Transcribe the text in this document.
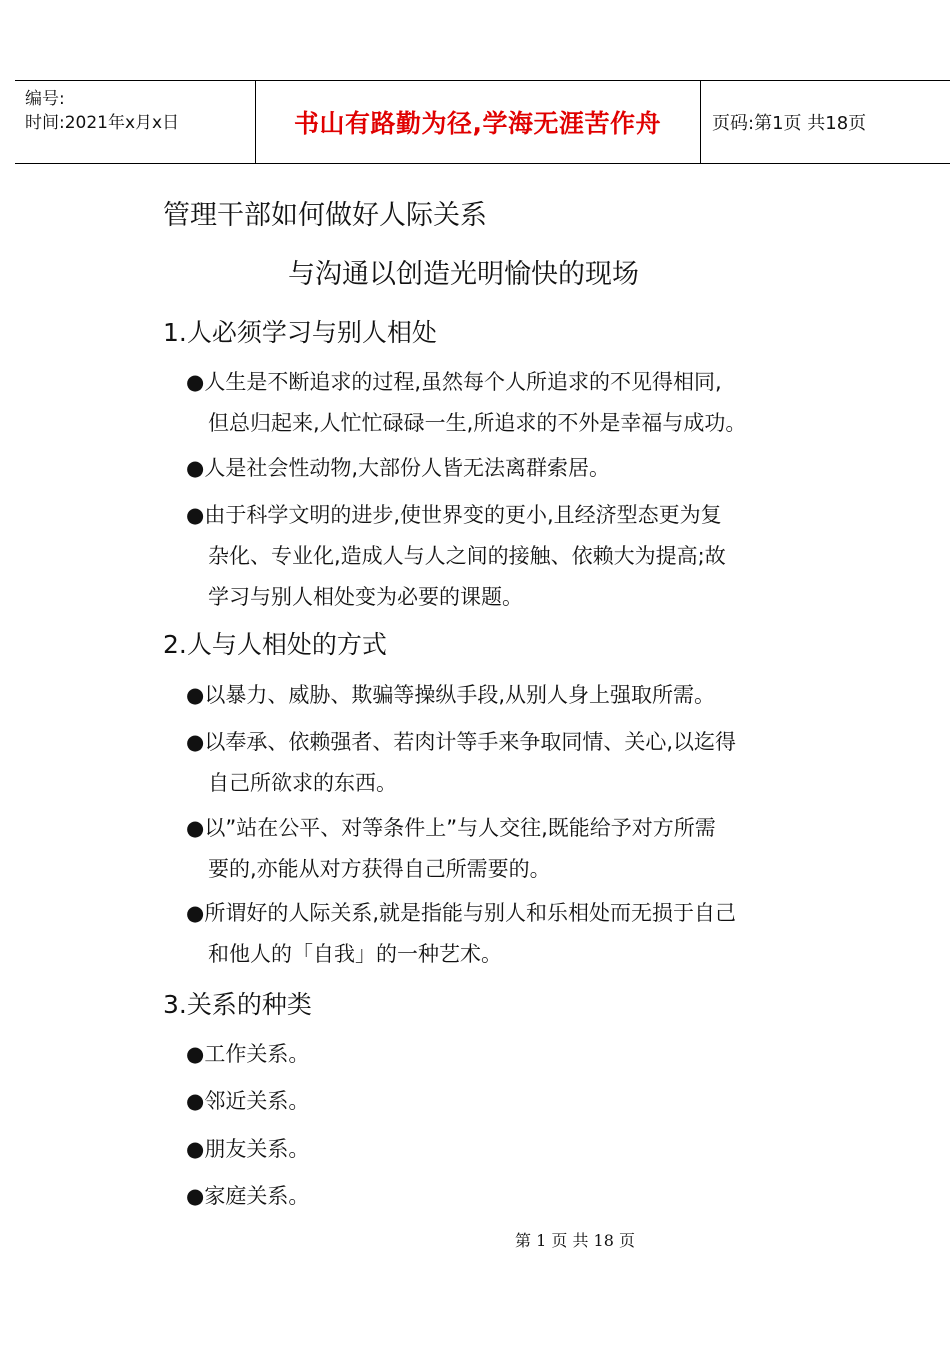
编号:
时间:2021年x月x日	书山有路勤为径,学海无涯苦作舟	页码:第1页 共18页
管理干部如何做好人际关系
与沟通以创造光明愉快的现场
1.人必须学习与别人相处
●人生是不断追求的过程,虽然每个人所追求的不见得相同,
但总归起来,人忙忙碌碌一生,所追求的不外是幸福与成功。
●人是社会性动物,大部份人皆无法离群索居。
●由于科学文明的进步,使世界变的更小,且经济型态更为复
杂化、专业化,造成人与人之间的接触、依赖大为提高;故
学习与别人相处变为必要的课题。
2.人与人相处的方式
●以暴力、威胁、欺骗等操纵手段,从别人身上强取所需。
●以奉承、依赖强者、若肉计等手来争取同情、关心,以迄得
自己所欲求的东西。
●以”站在公平、对等条件上”与人交往,既能给予对方所需
要的,亦能从对方获得自己所需要的。
●所谓好的人际关系,就是指能与别人和乐相处而无损于自己
和他人的「自我」的一种艺术。
3.关系的种类
●工作关系。
●邻近关系。
●朋友关系。
●家庭关系。
第 1 页 共 18 页
